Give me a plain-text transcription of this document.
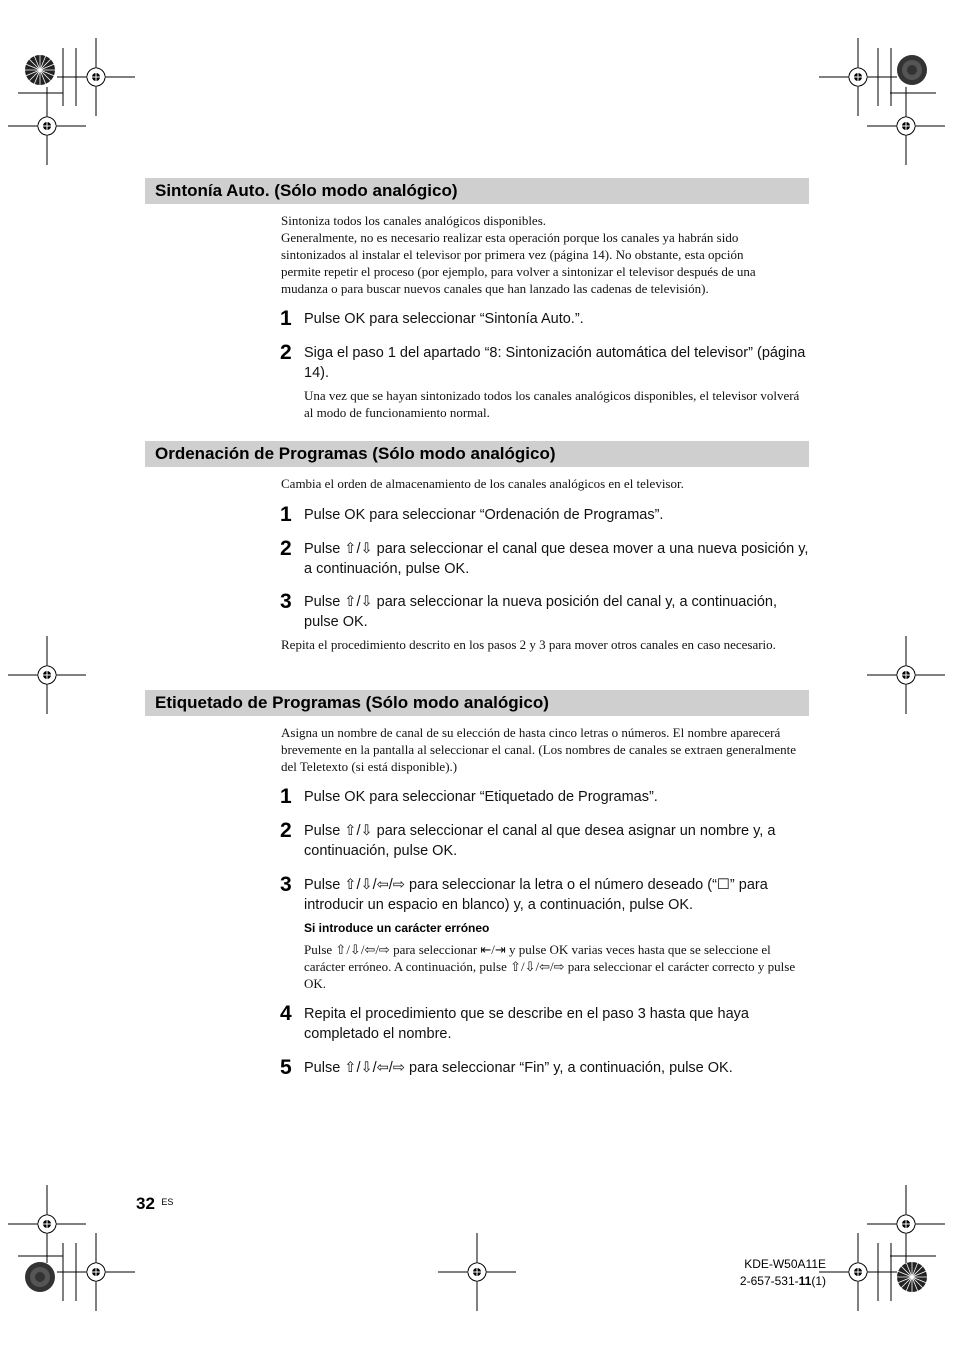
Sintonía Auto. (Sólo modo analógico)
Sintoniza todos los canales analógicos disponibles.
Generalmente, no es necesario realizar esta operación porque los canales ya habrán sido
sintonizados al instalar el televisor por primera vez (página 14). No obstante, esta opción
permite repetir el proceso (por ejemplo, para volver a sintonizar el televisor después de una
mudanza o para buscar nuevos canales que han lanzado las cadenas de televisión).
1 Pulse OK para seleccionar “Sintonía Auto.”.
2 Siga el paso 1 del apartado “8: Sintonización automática del televisor” (página 14).
Una vez que se hayan sintonizado todos los canales analógicos disponibles, el televisor volverá al modo de funcionamiento normal.
Ordenación de Programas (Sólo modo analógico)
Cambia el orden de almacenamiento de los canales analógicos en el televisor.
1 Pulse OK para seleccionar “Ordenación de Programas”.
2 Pulse ⇧/⇩ para seleccionar el canal que desea mover a una nueva posición y, a continuación, pulse OK.
3 Pulse ⇧/⇩ para seleccionar la nueva posición del canal y, a continuación, pulse OK.
Repita el procedimiento descrito en los pasos 2 y 3 para mover otros canales en caso necesario.
Etiquetado de Programas (Sólo modo analógico)
Asigna un nombre de canal de su elección de hasta cinco letras o números. El nombre aparecerá brevemente en la pantalla al seleccionar el canal. (Los nombres de canales se extraen generalmente del Teletexto (si está disponible).)
1 Pulse OK para seleccionar “Etiquetado de Programas”.
2 Pulse ⇧/⇩ para seleccionar el canal al que desea asignar un nombre y, a continuación, pulse OK.
3 Pulse ⇧/⇩/⇦/⇨ para seleccionar la letra o el número deseado (“☐” para introducir un espacio en blanco) y, a continuación, pulse OK.
Si introduce un carácter erróneo
Pulse ⇧/⇩/⇦/⇨ para seleccionar ⇤/⇥ y pulse OK varias veces hasta que se seleccione el carácter erróneo. A continuación, pulse ⇧/⇩/⇦/⇨ para seleccionar el carácter correcto y pulse OK.
4 Repita el procedimiento que se describe en el paso 3 hasta que haya completado el nombre.
5 Pulse ⇧/⇩/⇦/⇨ para seleccionar “Fin” y, a continuación, pulse OK.
32 $^{ES}$
KDE-W50A11E
2-657-531-11(1)
